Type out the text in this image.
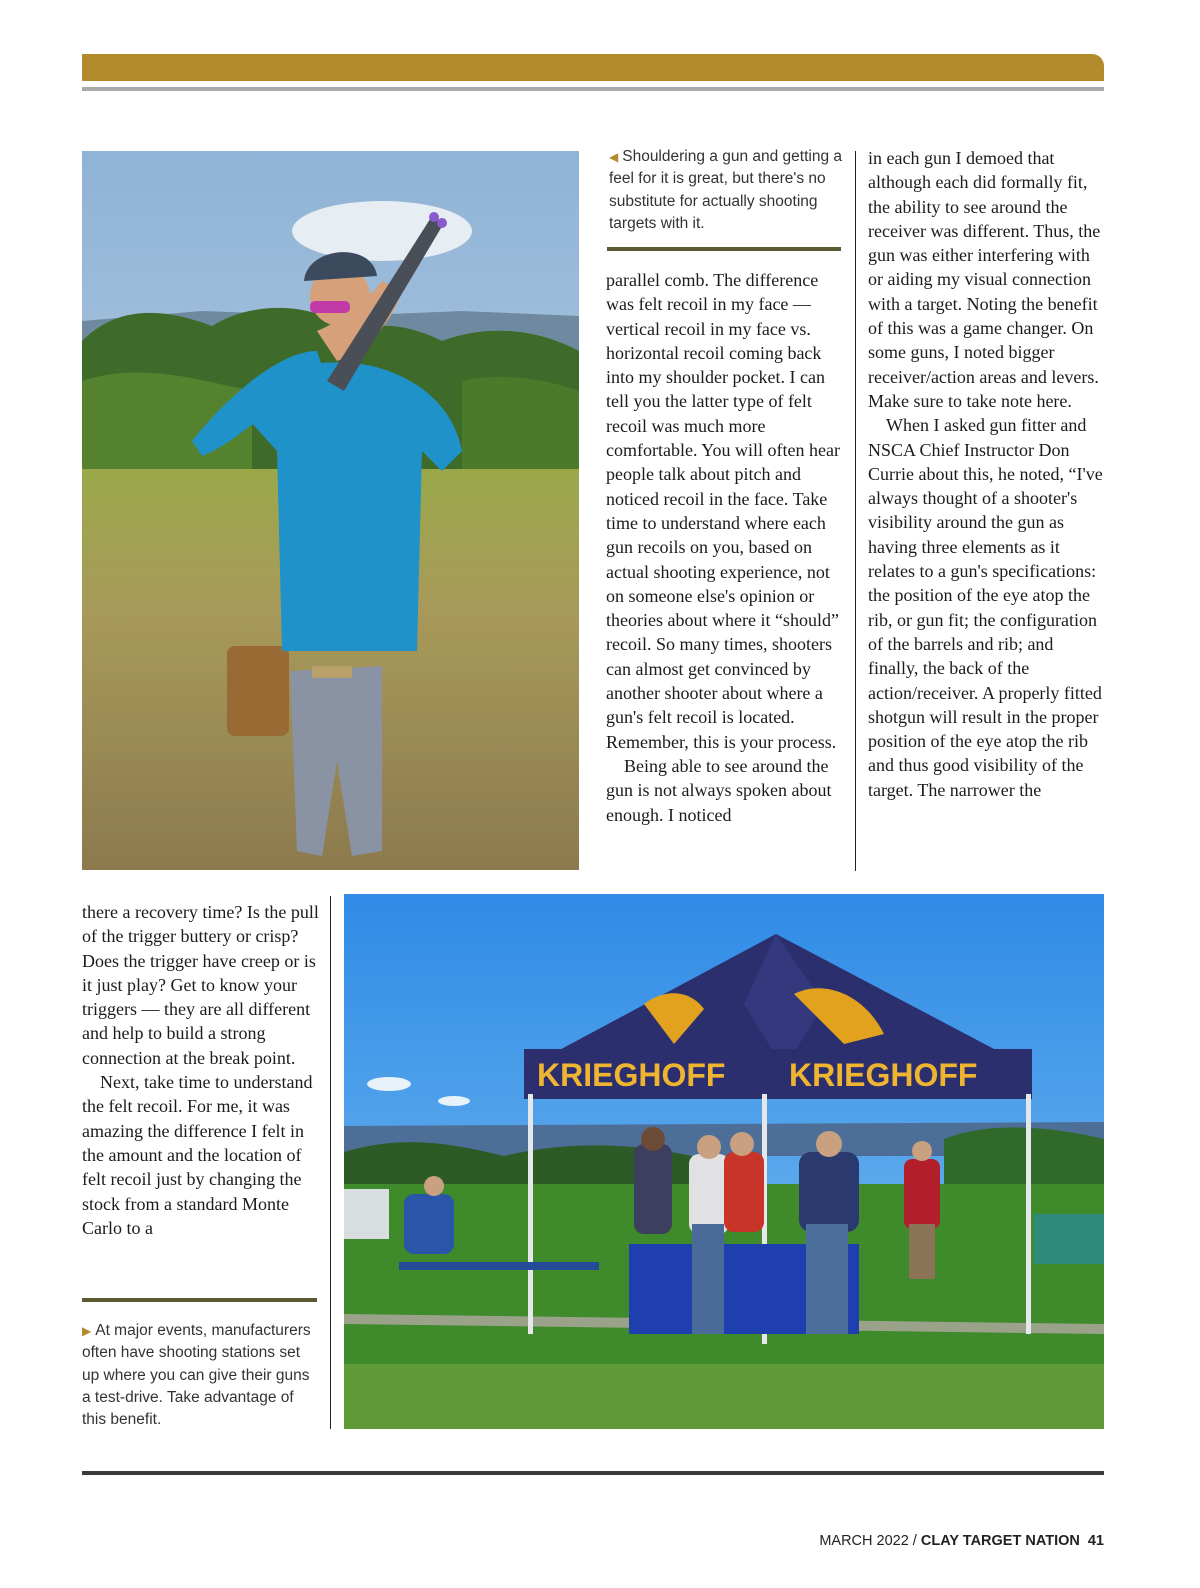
◀ Shouldering a gun and getting a feel for it is great, but there's no substitute for actually shooting targets with it.

parallel comb. The difference was felt recoil in my face — vertical recoil in my face vs. horizontal recoil coming back into my shoulder pocket. I can tell you the latter type of felt recoil was much more comfortable. You will often hear people talk about pitch and noticed recoil in the face. Take time to understand where each gun recoils on you, based on actual shooting experience, not on someone else's opinion or theories about where it “should” recoil. So many times, shooters can almost get convinced by another shooter about where a gun's felt recoil is located. Remember, this is your process.

Being able to see around the gun is not always spoken about enough. I noticed

in each gun I demoed that although each did formally fit, the ability to see around the receiver was different. Thus, the gun was either interfering with or aiding my visual connection with a target. Noting the benefit of this was a game changer. On some guns, I noted bigger receiver/action areas and levers. Make sure to take note here.

When I asked gun fitter and NSCA Chief Instructor Don Currie about this, he noted, “I've always thought of a shooter's visibility around the gun as having three elements as it relates to a gun's specifications: the position of the eye atop the rib, or gun fit; the configuration of the barrels and rib; and finally, the back of the action/receiver. A properly fitted shotgun will result in the proper position of the eye atop the rib and thus good visibility of the target. The narrower the

there a recovery time? Is the pull of the trigger buttery or crisp? Does the trigger have creep or is it just play? Get to know your triggers — they are all different and help to build a strong connection at the break point.

Next, take time to understand the felt recoil. For me, it was amazing the difference I felt in the amount and the location of felt recoil just by changing the stock from a standard Monte Carlo to a

▶ At major events, manufacturers often have shooting stations set up where you can give their guns a test-drive. Take advantage of this benefit.
KRIEGHOFF KRIEGHOFF
MARCH 2022 / CLAY TARGET NATION 41
